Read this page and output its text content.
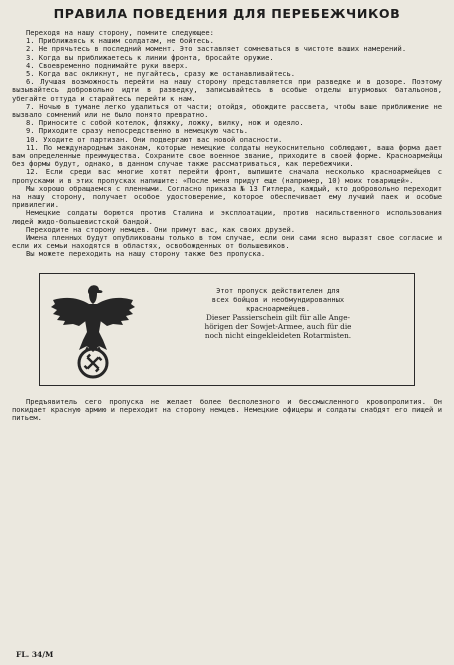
ПРАВИЛА ПОВЕДЕНИЯ ДЛЯ ПЕРЕБЕЖЧИКОВ

Переходя на нашу сторону, помните следующее:

1. Приближаясь к нашим солдатам, не бойтесь.

2. Не прячьтесь в последний момент. Это заставляет сомневаться в чистоте ваших намерений.

3. Когда вы приближаетесь к линии фронта, бросайте оружие.

4. Своевременно поднимайте руки вверх.

5. Когда вас окликнут, не пугайтесь, сразу же останавливайтесь.

6. Лучшая возможность перейти на нашу сторону представляется при разведке и в дозоре. Поэтому вызывайтесь добровольно идти в разведку, записывайтесь в особые отделы штурмовых батальонов, убегайте оттуда и старайтесь перейти к нам.

7. Ночью в тумане легко удалиться от части; отойдя, обождите рассвета, чтобы ваше приближение не вызвало сомнений или не было понято превратно.

8. Приносите с собой котелок, фляжку, ложку, вилку, нож и одеяло.

9. Приходите сразу непосредственно в немецкую часть.

10. Уходите от партизан. Они подвергают вас новой опасности.

11. По международным законам, которые немецкие солдаты неукоснительно соблюдают, ваша форма дает вам определенные преимущества. Сохраните свое военное звание, приходите в своей форме. Красноармейцы без формы будут, однако, в данном случае также рассматриваться, как перебежчики.

12. Если среди вас многие хотят перейти фронт, выпишите сначала несколько красноармейцев с пропусками и в этих пропусках напишите: «После меня придут еще (например, 10) моих товарищей».

Мы хорошо обращаемся с пленными. Согласно приказа № 13 Гитлера, каждый, кто добровольно переходит на нашу сторону, получает особое удостоверение, которое обеспечивает ему лучший паек и особые привилегии.

Немецкие солдаты борются против Сталина и эксплоатации, против насильственного использования людей жидо-большевистской бандой.

Переходите на сторону немцев. Они примут вас, как своих друзей.

Имена пленных будут опубликованы только в том случае, если они сами ясно выразят свое согласие и если их семьи находятся в областях, освобожденных от большевиков.

Вы можете переходить на нашу сторону также без пропуска.

Этот пропуск действителен для
всех бойцов и необмундированных
красноармейцев.
Dieser Passierschein gilt für alle Ange-
hörigen der Sowjet-Armee, auch für die
noch nicht eingekleideten Rotarmisten.
Предъявитель сего пропуска не желает более бесполезного и бессмысленного кровопролития. Он покидает красную армию и переходит на сторону немцев. Немецкие офицеры и солдаты снабдят его пищей и питьем.
FL. 34/M
